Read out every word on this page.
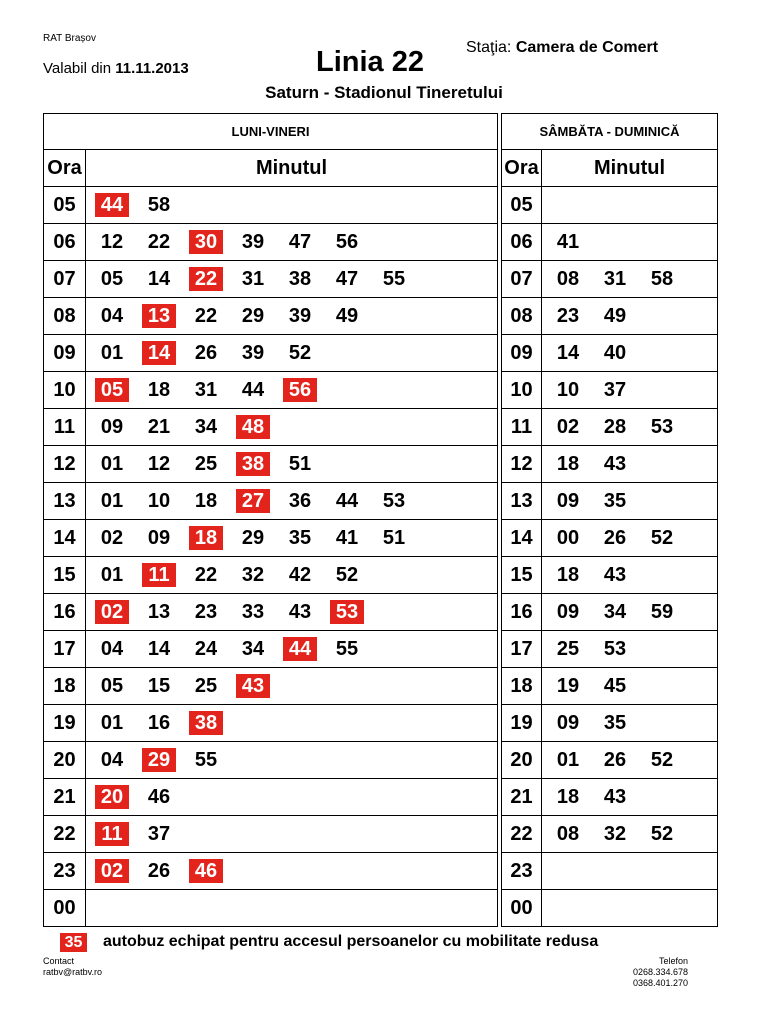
RAT Brașov
Valabil din 11.11.2013	Linia 22	Staţia: Camera de Comert
Saturn - Stadionul Tineretului
LUNI-VINERI			SÂMBĂTA - DUMINICĂ	
Ora	Minutul		Ora	Minutul
05	44 58		05	
06	12 22 30 39 47 56		06	41
07	05 14 22 31 38 47 55		07	08 31 58
08	04 13 22 29 39 49		08	23 49
09	01 14 26 39 52		09	14 40
10	05 18 31 44 56		10	10 37
11	09 21 34 48		11	02 28 53
12	01 12 25 38 51		12	18 43
13	01 10 18 27 36 44 53		13	09 35
14	02 09 18 29 35 41 51		14	00 26 52
15	01 11 22 32 42 52		15	18 43
16	02 13 23 33 43 53		16	09 34 59
17	04 14 24 34 44 55		17	25 53
18	05 15 25 43		18	19 45
19	01 16 38		19	09 35
20	04 29 55		20	01 26 52
21	20 46		21	18 43
22	11 37		22	08 32 52
23	02 26 46		23	
00			00	
35 autobuz echipat pentru accesul persoanelor cu mobilitate redusa
Contact
ratbv@ratbv.ro
Telefon
0268.334.678
0368.401.270
